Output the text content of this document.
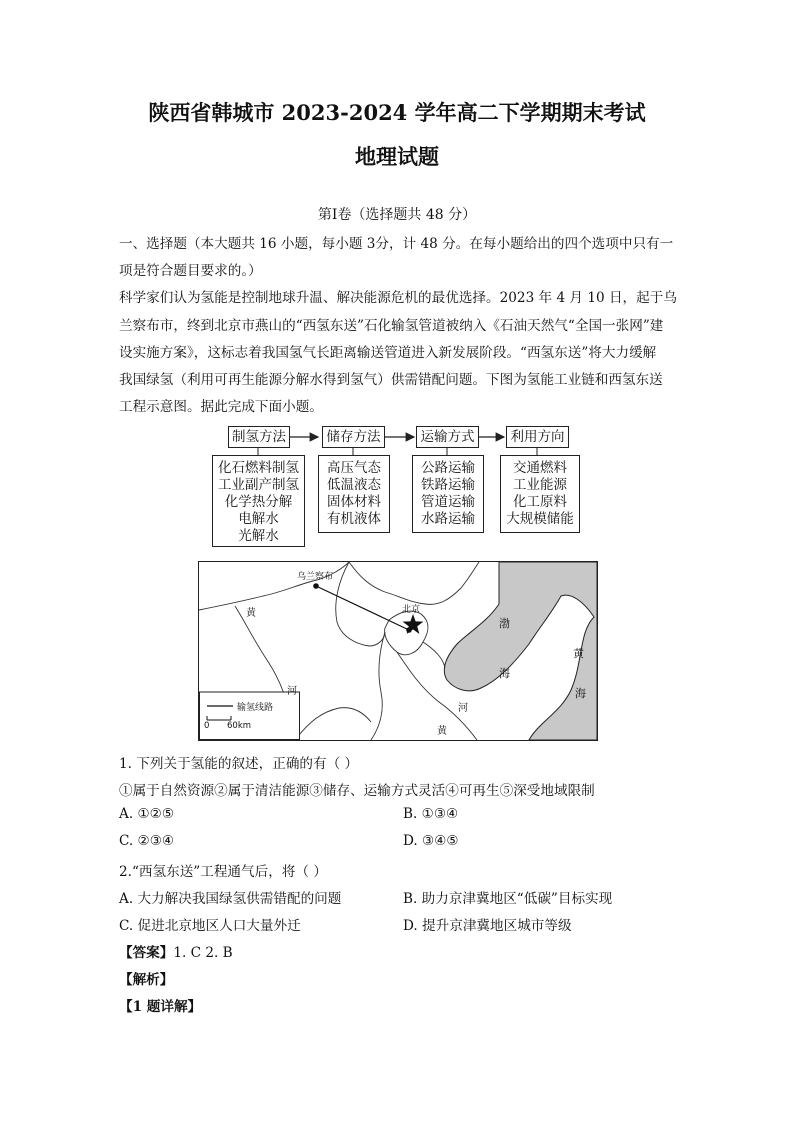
陕西省韩城市 2023-2024 学年高二下学期期末考试
地理试题
第Ⅰ卷（选择题共 48 分）
一、选择题（本大题共 16 小题，每小题 3分，计 48 分。在每小题给出的四个选项中只有一
项是符合题目要求的。）
科学家们认为氢能是控制地球升温、解决能源危机的最优选择。2023 年 4 月 10 日，起于乌
兰察布市，终到北京市燕山的“西氢东送”石化输氢管道被纳入《石油天然气“全国一张网”建
设实施方案》，这标志着我国氢气长距离输送管道进入新发展阶段。“西氢东送”将大力缓解
我国绿氢（利用可再生能源分解水得到氢气）供需错配问题。下图为氢能工业链和西氢东送
工程示意图。据此完成下面小题。
制氢方法	储存方法	运输方式	利用方向
化石燃料制氢
工业副产制氢
化学热分解
电解水
光解水
高压气态
低温液态
固体材料
有机液体
公路运输
铁路运输
管道运输
水路运输
交通燃料
工业能源
化工原料
大规模储能
乌兰察布
北京
黄
河
渤
海
黄
海
河
黄
输氢线路
0 60km
1. 下列关于氢能的叙述，正确的有（ ）
①属于自然资源②属于清洁能源③储存、运输方式灵活④可再生⑤深受地域限制
A. ①②⑤	B. ①③④
C. ②③④	D. ③④⑤
2.“西氢东送”工程通气后，将（ ）
A. 大力解决我国绿氢供需错配的问题	B. 助力京津冀地区“低碳”目标实现
C. 促进北京地区人口大量外迁	D. 提升京津冀地区城市等级
【答案】1. C 2. B
【解析】
【1 题详解】
